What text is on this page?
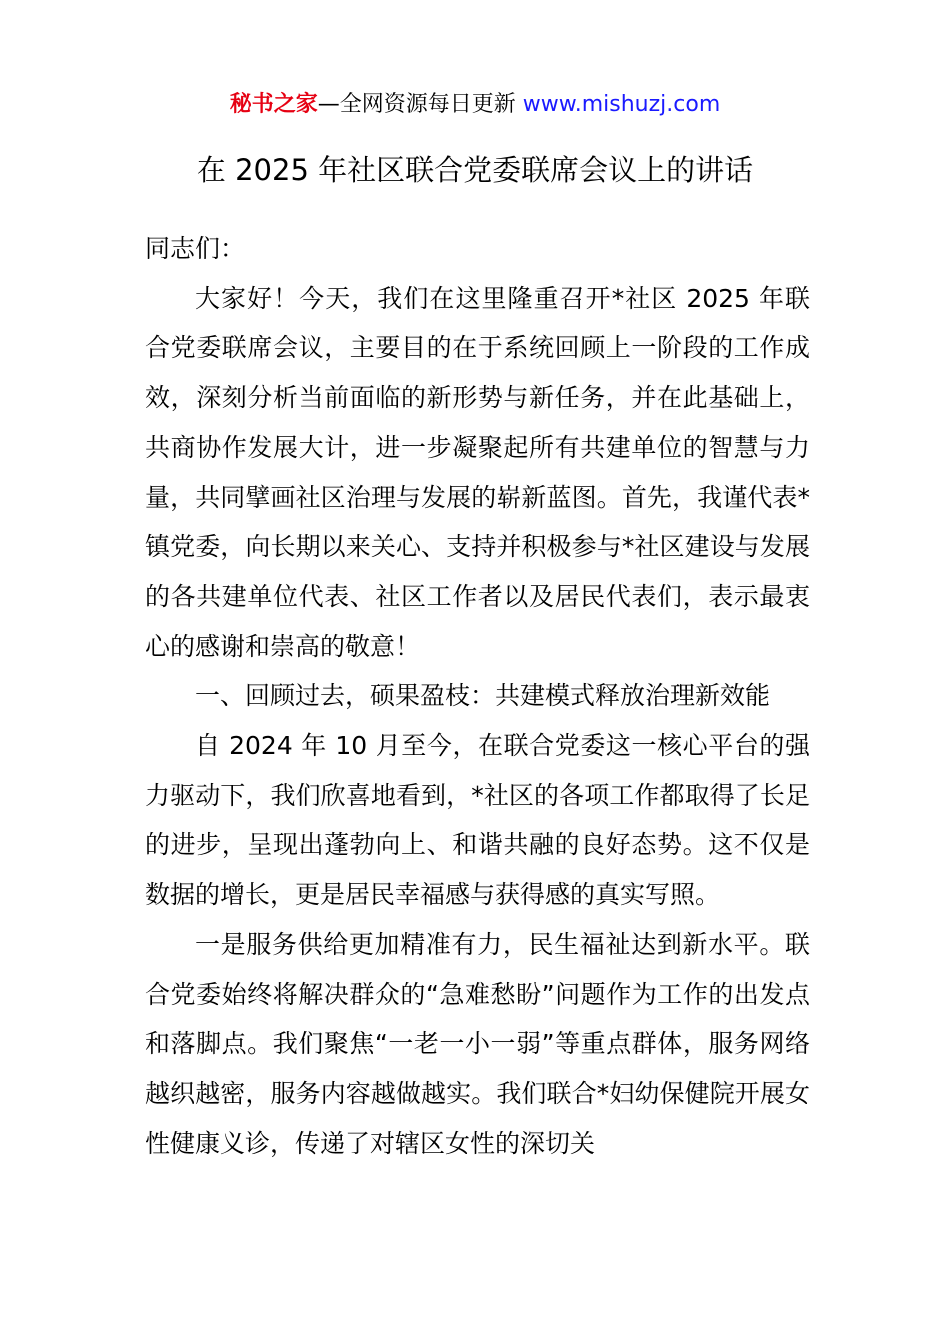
秘书之家—全网资源每日更新 www.mishuzj.com
在 2025 年社区联合党委联席会议上的讲话

同志们：

大家好！今天，我们在这里隆重召开*社区 2025 年联合党委联席会议，主要目的在于系统回顾上一阶段的工作成效，深刻分析当前面临的新形势与新任务，并在此基础上，共商协作发展大计，进一步凝聚起所有共建单位的智慧与力量，共同擘画社区治理与发展的崭新蓝图。首先，我谨代表*镇党委，向长期以来关心、支持并积极参与*社区建设与发展的各共建单位代表、社区工作者以及居民代表们，表示最衷心的感谢和崇高的敬意！

一、回顾过去，硕果盈枝：共建模式释放治理新效能

自 2024 年 10 月至今，在联合党委这一核心平台的强力驱动下，我们欣喜地看到，*社区的各项工作都取得了长足的进步，呈现出蓬勃向上、和谐共融的良好态势。这不仅是数据的增长，更是居民幸福感与获得感的真实写照。

一是服务供给更加精准有力，民生福祉达到新水平。联合党委始终将解决群众的“急难愁盼”问题作为工作的出发点和落脚点。我们聚焦“一老一小一弱”等重点群体，服务网络越织越密，服务内容越做越实。我们联合*妇幼保健院开展女性健康义诊，传递了对辖区女性的深切关
